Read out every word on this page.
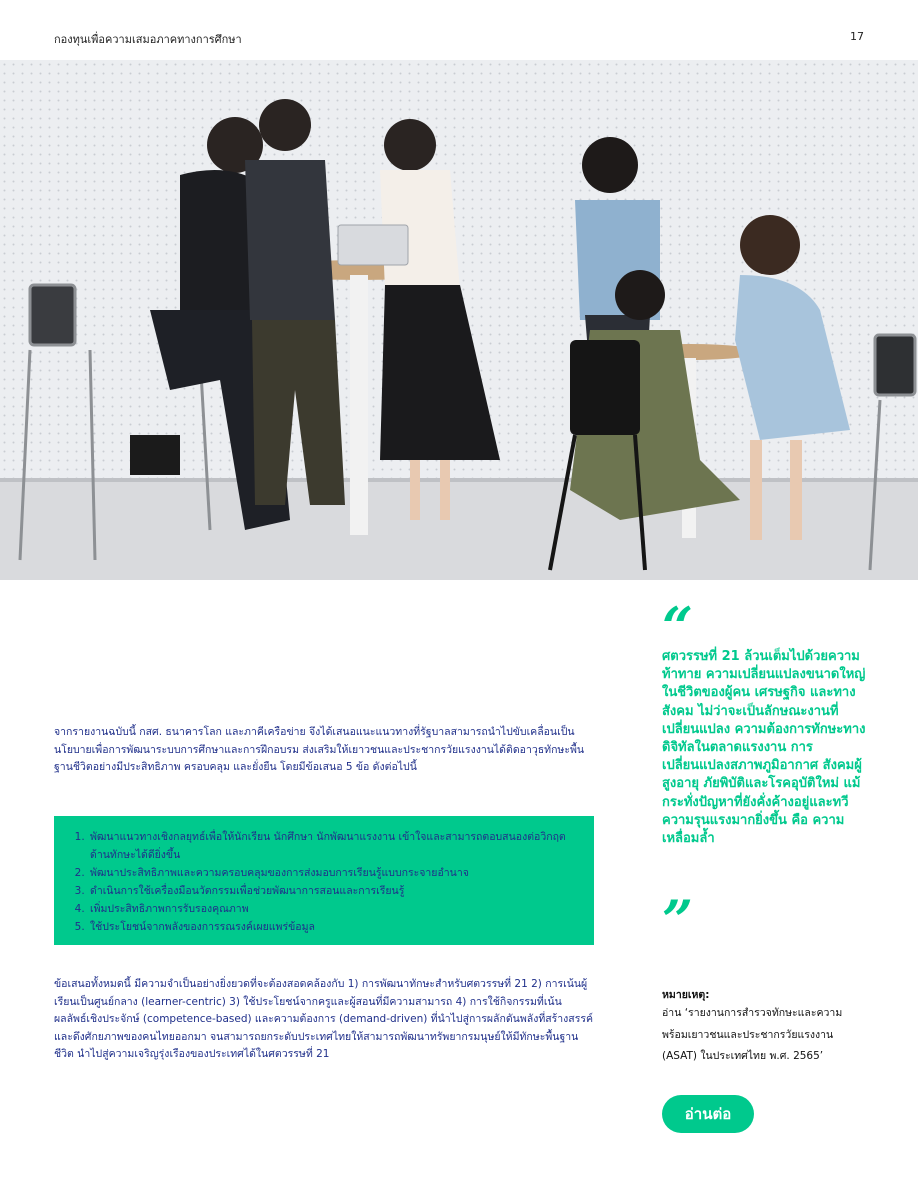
กองทุนเพื่อความเสมอภาคทางการศึกษา	17

จากรายงานฉบับนี้ กสศ. ธนาคารโลก และภาคีเครือข่าย จึงได้เสนอแนะแนวทางที่รัฐบาลสามารถนำไปขับเคลื่อนเป็นนโยบายเพื่อการพัฒนาระบบการศึกษาและการฝึกอบรม ส่งเสริมให้เยาวชนและประชากรวัยแรงงานได้ติดอาวุธทักษะพื้นฐานชีวิตอย่างมีประสิทธิภาพ ครอบคลุม และยั่งยืน โดยมีข้อเสนอ 5 ข้อ ดังต่อไปนี้

1. พัฒนาแนวทางเชิงกลยุทธ์เพื่อให้นักเรียน นักศึกษา นักพัฒนาแรงงาน เข้าใจและสามารถตอบสนองต่อวิกฤตด้านทักษะได้ดียิ่งขึ้น
2. พัฒนาประสิทธิภาพและความครอบคลุมของการส่งมอบการเรียนรู้แบบกระจายอำนาจ
3. ดำเนินการใช้เครื่องมือนวัตกรรมเพื่อช่วยพัฒนาการสอนและการเรียนรู้
4. เพิ่มประสิทธิภาพการรับรองคุณภาพ
5. ใช้ประโยชน์จากพลังของการรณรงค์เผยแพร่ข้อมูล

ข้อเสนอทั้งหมดนี้ มีความจำเป็นอย่างยิ่งยวดที่จะต้องสอดคล้องกับ 1) การพัฒนาทักษะสำหรับศตวรรษที่ 21 2) การเน้นผู้เรียนเป็นศูนย์กลาง (learner-centric) 3) ใช้ประโยชน์จากครูและผู้สอนที่มีความสามารถ 4) การใช้กิจกรรมที่เน้นผลลัพธ์เชิงประจักษ์ (competence-based) และความต้องการ (demand-driven) ที่นำไปสู่การผลักดันพลังที่สร้างสรรค์และดึงศักยภาพของคนไทยออกมา จนสามารถยกระดับประเทศไทยให้สามารถพัฒนาทรัพยากรมนุษย์ให้มีทักษะพื้นฐานชีวิต นำไปสู่ความเจริญรุ่งเรืองของประเทศได้ในศตวรรษที่ 21

“

ศตวรรษที่ 21 ล้วนเต็มไปด้วยความท้าทาย ความเปลี่ยนแปลงขนาดใหญ่ในชีวิตของผู้คน เศรษฐกิจ และทางสังคม ไม่ว่าจะเป็นลักษณะงานที่เปลี่ยนแปลง ความต้องการทักษะทางดิจิทัลในตลาดแรงงาน การเปลี่ยนแปลงสภาพภูมิอากาศ สังคมผู้สูงอายุ ภัยพิบัติและโรคอุบัติใหม่ แม้กระทั่งปัญหาที่ยังคั่งค้างอยู่และทวีความรุนแรงมากยิ่งขึ้น คือ ความเหลื่อมล้ำ

”
หมายเหตุ:

อ่าน ‘รายงานการสำรวจทักษะและความพร้อมเยาวชนและประชากรวัยแรงงาน (ASAT) ในประเทศไทย พ.ศ. 2565’

อ่านต่อ
